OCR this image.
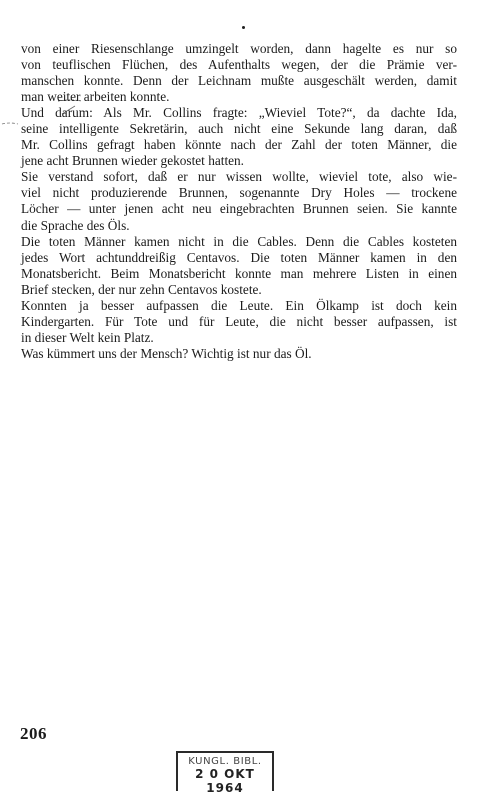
von einer Riesenschlange umzingelt worden, dann hagelte es nur so
von teuflischen Flüchen, des Aufenthalts wegen, der die Prämie ver-
manschen konnte. Denn der Leichnam mußte ausgeschält werden, damit
man weiter arbeiten konnte.
Und darum: Als Mr. Collins fragte: „Wieviel Tote?“, da dachte Ida,
seine intelligente Sekretärin, auch nicht eine Sekunde lang daran, daß
Mr. Collins gefragt haben könnte nach der Zahl der toten Männer, die
jene acht Brunnen wieder gekostet hatten.
Sie verstand sofort, daß er nur wissen wollte, wieviel tote, also wie-
viel nicht produzierende Brunnen, sogenannte Dry Holes — trockene
Löcher — unter jenen acht neu eingebrachten Brunnen seien. Sie kannte
die Sprache des Öls.
Die toten Männer kamen nicht in die Cables. Denn die Cables kosteten
jedes Wort achtunddreißig Centavos. Die toten Männer kamen in den
Monatsbericht. Beim Monatsbericht konnte man mehrere Listen in einen
Brief stecken, der nur zehn Centavos kostete.
Konnten ja besser aufpassen die Leute. Ein Ölkamp ist doch kein
Kindergarten. Für Tote und für Leute, die nicht besser aufpassen, ist
in dieser Welt kein Platz.
Was kümmert uns der Mensch? Wichtig ist nur das Öl.
206
KUNGL. BIBL.
2 0 OKT 1964
